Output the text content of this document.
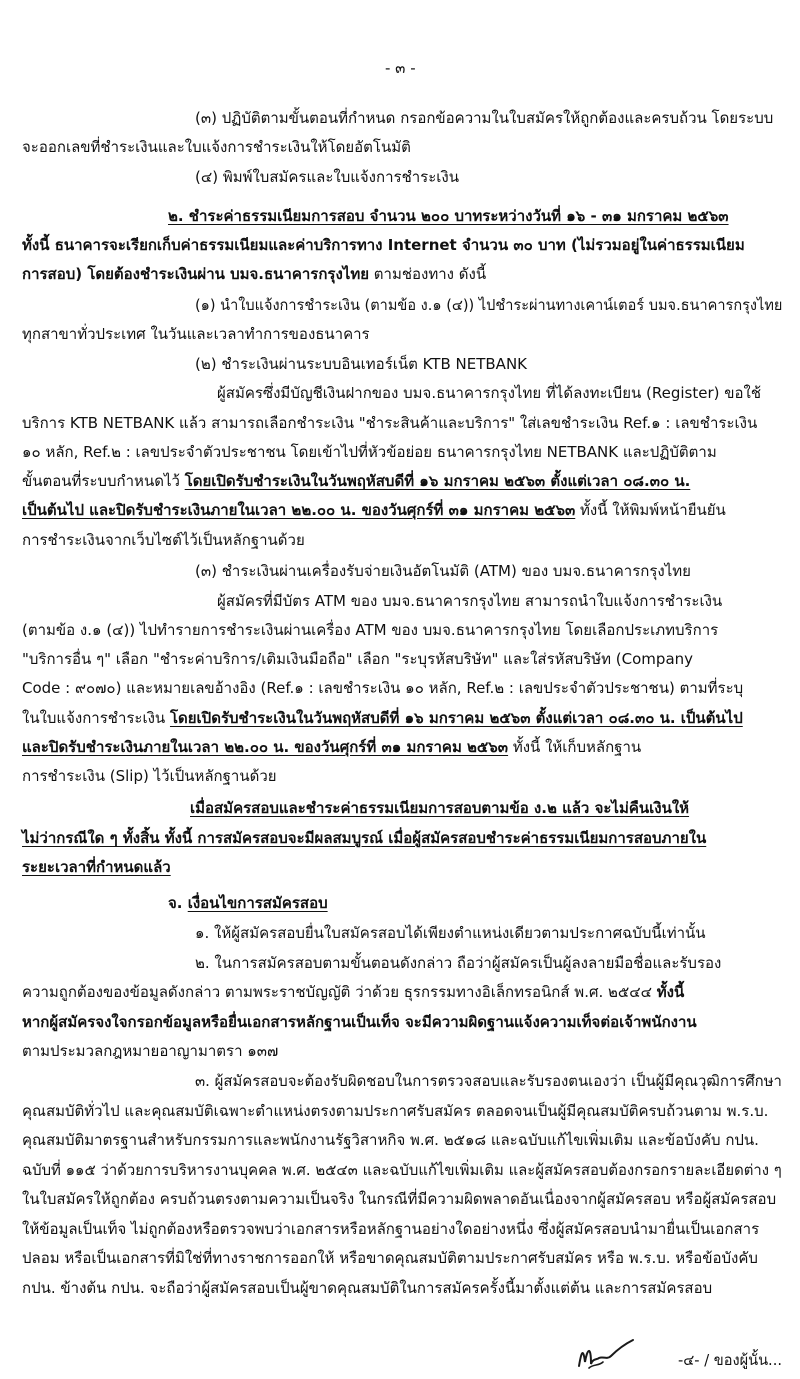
- ๓ -
(๓) ปฏิบัติตามขั้นตอนที่กำหนด กรอกข้อความในใบสมัครให้ถูกต้องและครบถ้วน โดยระบบ
จะออกเลขที่ชำระเงินและใบแจ้งการชำระเงินให้โดยอัตโนมัติ
(๔) พิมพ์ใบสมัครและใบแจ้งการชำระเงิน
๒. ชำระค่าธรรมเนียมการสอบ จำนวน ๒๐๐ บาทระหว่างวันที่ ๑๖ - ๓๑ มกราคม ๒๕๖๓
ทั้งนี้ ธนาคารจะเรียกเก็บค่าธรรมเนียมและค่าบริการทาง Internet จำนวน ๓๐ บาท (ไม่รวมอยู่ในค่าธรรมเนียม
การสอบ) โดยต้องชำระเงินผ่าน บมจ.ธนาคารกรุงไทย ตามช่องทาง ดังนี้
(๑) นำใบแจ้งการชำระเงิน (ตามข้อ ง.๑ (๔)) ไปชำระผ่านทางเคาน์เตอร์ บมจ.ธนาคารกรุงไทย
ทุกสาขาทั่วประเทศ ในวันและเวลาทำการของธนาคาร
(๒) ชำระเงินผ่านระบบอินเทอร์เน็ต KTB NETBANK
ผู้สมัครซึ่งมีบัญชีเงินฝากของ บมจ.ธนาคารกรุงไทย ที่ได้ลงทะเบียน (Register) ขอใช้
บริการ KTB NETBANK แล้ว สามารถเลือกชำระเงิน "ชำระสินค้าและบริการ" ใส่เลขชำระเงิน Ref.๑ : เลขชำระเงิน
๑๐ หลัก, Ref.๒ : เลขประจำตัวประชาชน โดยเข้าไปที่หัวข้อย่อย ธนาคารกรุงไทย NETBANK และปฏิบัติตาม
ขั้นตอนที่ระบบกำหนดไว้ โดยเปิดรับชำระเงินในวันพฤหัสบดีที่ ๑๖ มกราคม ๒๕๖๓ ตั้งแต่เวลา ๐๘.๓๐ น.
เป็นต้นไป และปิดรับชำระเงินภายในเวลา ๒๒.๐๐ น. ของวันศุกร์ที่ ๓๑ มกราคม ๒๕๖๓ ทั้งนี้ ให้พิมพ์หน้ายืนยัน
การชำระเงินจากเว็บไซต์ไว้เป็นหลักฐานด้วย
(๓) ชำระเงินผ่านเครื่องรับจ่ายเงินอัตโนมัติ (ATM) ของ บมจ.ธนาคารกรุงไทย
ผู้สมัครที่มีบัตร ATM ของ บมจ.ธนาคารกรุงไทย สามารถนำใบแจ้งการชำระเงิน
(ตามข้อ ง.๑ (๔)) ไปทำรายการชำระเงินผ่านเครื่อง ATM ของ บมจ.ธนาคารกรุงไทย โดยเลือกประเภทบริการ
"บริการอื่น ๆ" เลือก "ชำระค่าบริการ/เติมเงินมือถือ" เลือก "ระบุรหัสบริษัท" และใส่รหัสบริษัท (Company
Code : ๙๐๗๐) และหมายเลขอ้างอิง (Ref.๑ : เลขชำระเงิน ๑๐ หลัก, Ref.๒ : เลขประจำตัวประชาชน) ตามที่ระบุ
ในใบแจ้งการชำระเงิน โดยเปิดรับชำระเงินในวันพฤหัสบดีที่ ๑๖ มกราคม ๒๕๖๓ ตั้งแต่เวลา ๐๘.๓๐ น. เป็นต้นไป
และปิดรับชำระเงินภายในเวลา ๒๒.๐๐ น. ของวันศุกร์ที่ ๓๑ มกราคม ๒๕๖๓ ทั้งนี้ ให้เก็บหลักฐาน
การชำระเงิน (Slip) ไว้เป็นหลักฐานด้วย
เมื่อสมัครสอบและชำระค่าธรรมเนียมการสอบตามข้อ ง.๒ แล้ว จะไม่คืนเงินให้
ไม่ว่ากรณีใด ๆ ทั้งสิ้น ทั้งนี้ การสมัครสอบจะมีผลสมบูรณ์ เมื่อผู้สมัครสอบชำระค่าธรรมเนียมการสอบภายใน
ระยะเวลาที่กำหนดแล้ว
จ. เงื่อนไขการสมัครสอบ
๑. ให้ผู้สมัครสอบยื่นใบสมัครสอบได้เพียงตำแหน่งเดียวตามประกาศฉบับนี้เท่านั้น
๒. ในการสมัครสอบตามขั้นตอนดังกล่าว ถือว่าผู้สมัครเป็นผู้ลงลายมือชื่อและรับรอง
ความถูกต้องของข้อมูลดังกล่าว ตามพระราชบัญญัติ ว่าด้วย ธุรกรรมทางอิเล็กทรอนิกส์ พ.ศ. ๒๕๔๔ ทั้งนี้
หากผู้สมัครจงใจกรอกข้อมูลหรือยื่นเอกสารหลักฐานเป็นเท็จ จะมีความผิดฐานแจ้งความเท็จต่อเจ้าพนักงาน
ตามประมวลกฎหมายอาญามาตรา ๑๓๗
๓. ผู้สมัครสอบจะต้องรับผิดชอบในการตรวจสอบและรับรองตนเองว่า เป็นผู้มีคุณวุฒิการศึกษา
คุณสมบัติทั่วไป และคุณสมบัติเฉพาะตำแหน่งตรงตามประกาศรับสมัคร ตลอดจนเป็นผู้มีคุณสมบัติครบถ้วนตาม พ.ร.บ.
คุณสมบัติมาตรฐานสำหรับกรรมการและพนักงานรัฐวิสาหกิจ พ.ศ. ๒๕๑๘ และฉบับแก้ไขเพิ่มเติม และข้อบังคับ กปน.
ฉบับที่ ๑๑๕ ว่าด้วยการบริหารงานบุคคล พ.ศ. ๒๕๔๓ และฉบับแก้ไขเพิ่มเติม และผู้สมัครสอบต้องกรอกรายละเอียดต่าง ๆ
ในใบสมัครให้ถูกต้อง ครบถ้วนตรงตามความเป็นจริง ในกรณีที่มีความผิดพลาดอันเนื่องจากผู้สมัครสอบ หรือผู้สมัครสอบ
ให้ข้อมูลเป็นเท็จ ไม่ถูกต้องหรือตรวจพบว่าเอกสารหรือหลักฐานอย่างใดอย่างหนึ่ง ซึ่งผู้สมัครสอบนำมายื่นเป็นเอกสาร
ปลอม หรือเป็นเอกสารที่มิใช่ที่ทางราชการออกให้ หรือขาดคุณสมบัติตามประกาศรับสมัคร หรือ พ.ร.บ. หรือข้อบังคับ
กปน. ข้างต้น กปน. จะถือว่าผู้สมัครสอบเป็นผู้ขาดคุณสมบัติในการสมัครครั้งนี้มาตั้งแต่ต้น และการสมัครสอบ
-๔- / ของผู้นั้น...
